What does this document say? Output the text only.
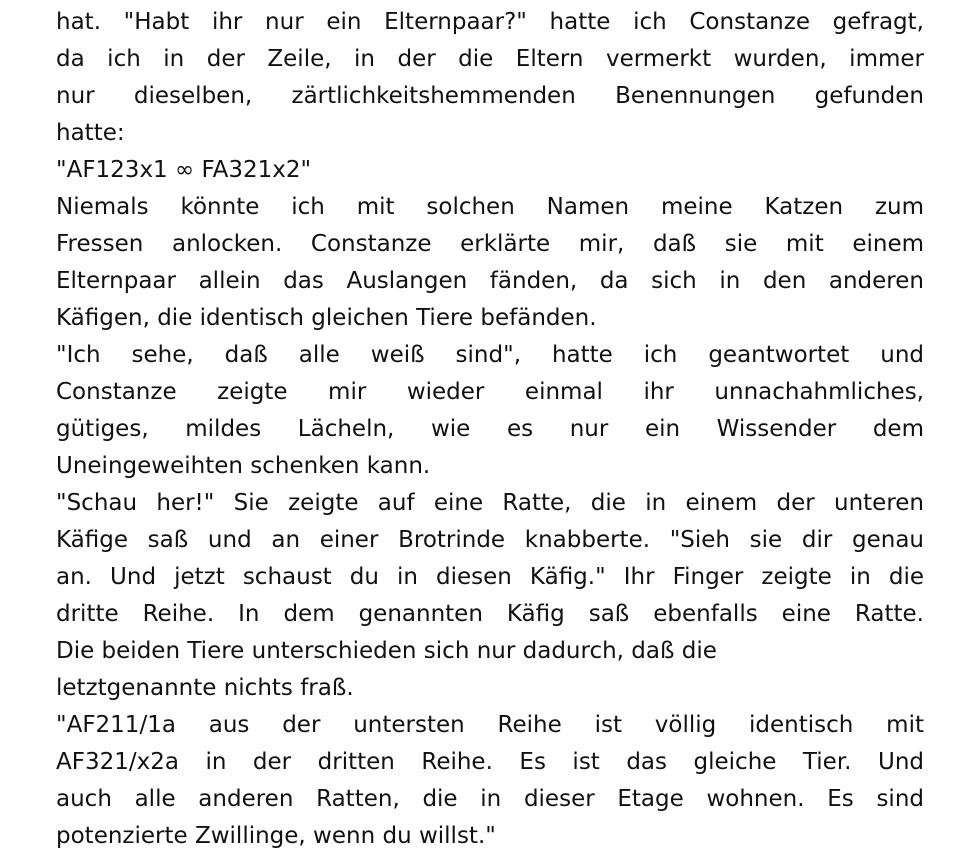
hat. "Habt ihr nur ein Elternpaar?" hatte ich Constanze gefragt,
da ich in der Zeile, in der die Eltern vermerkt wurden, immer
nur dieselben, zärtlichkeitshemmenden Benennungen gefunden
hatte:
"AF123x1 ∞ FA321x2"
Niemals könnte ich mit solchen Namen meine Katzen zum
Fressen anlocken. Constanze erklärte mir, daß sie mit einem
Elternpaar allein das Auslangen fänden, da sich in den anderen
Käfigen, die identisch gleichen Tiere befänden.
"Ich sehe, daß alle weiß sind", hatte ich geantwortet und
Constanze zeigte mir wieder einmal ihr unnachahmliches,
gütiges, mildes Lächeln, wie es nur ein Wissender dem
Uneingeweihten schenken kann.
"Schau her!" Sie zeigte auf eine Ratte, die in einem der unteren
Käfige saß und an einer Brotrinde knabberte. "Sieh sie dir genau
an. Und jetzt schaust du in diesen Käfig." Ihr Finger zeigte in die
dritte Reihe. In dem genannten Käfig saß ebenfalls eine Ratte.
Die beiden Tiere unterschieden sich nur dadurch, daß die
letztgenannte nichts fraß.
"AF211/1a aus der untersten Reihe ist völlig identisch mit
AF321/x2a in der dritten Reihe. Es ist das gleiche Tier. Und
auch alle anderen Ratten, die in dieser Etage wohnen. Es sind
potenzierte Zwillinge, wenn du willst."
